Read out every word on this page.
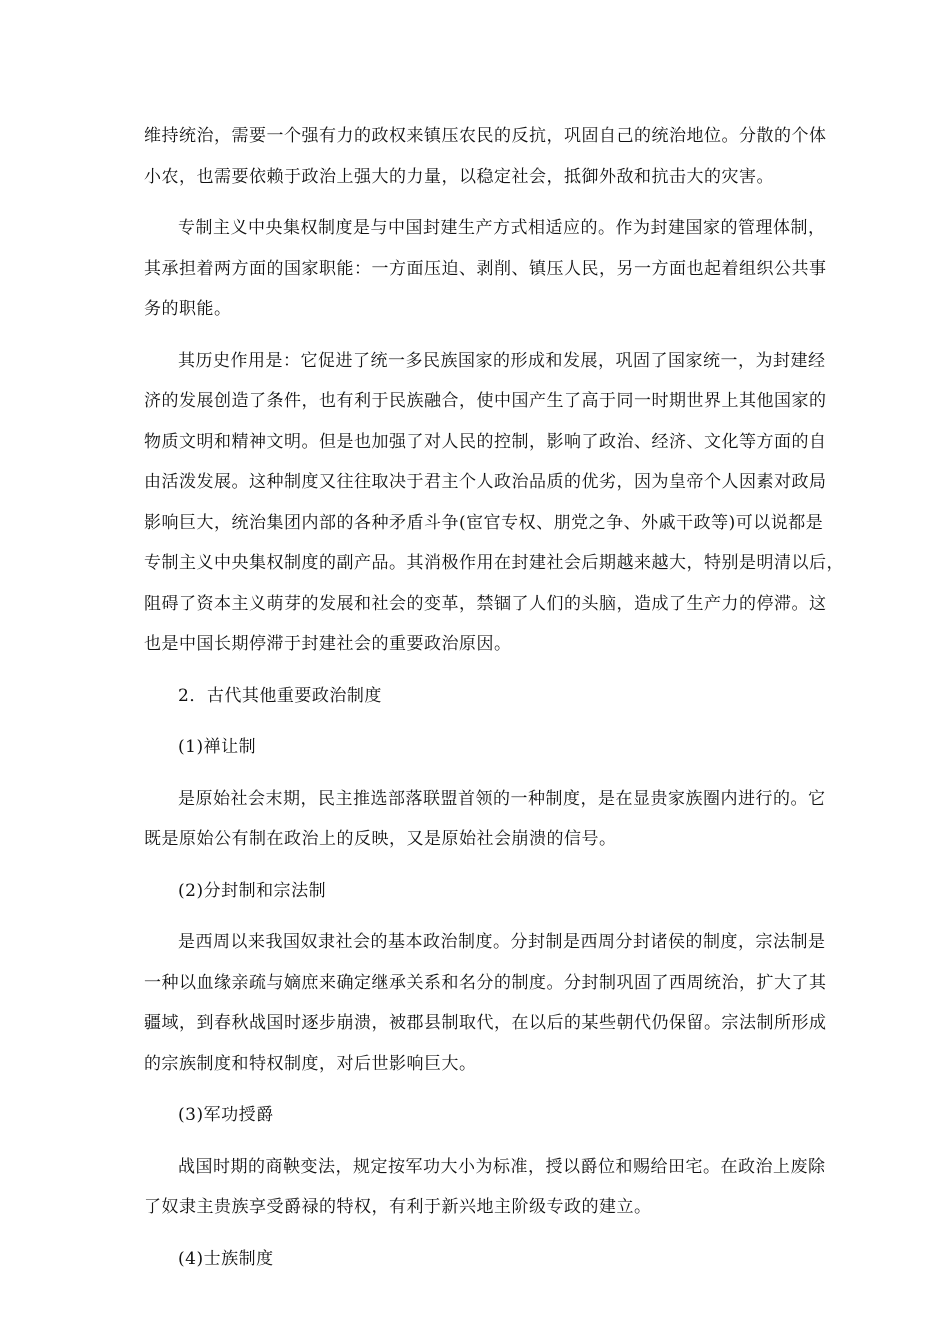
维持统治，需要一个强有力的政权来镇压农民的反抗，巩固自己的统治地位。分散的个体
小农，也需要依赖于政治上强大的力量，以稳定社会，抵御外敌和抗击大的灾害。
专制主义中央集权制度是与中国封建生产方式相适应的。作为封建国家的管理体制，
其承担着两方面的国家职能：一方面压迫、剥削、镇压人民，另一方面也起着组织公共事
务的职能。
其历史作用是：它促进了统一多民族国家的形成和发展，巩固了国家统一，为封建经
济的发展创造了条件，也有利于民族融合，使中国产生了高于同一时期世界上其他国家的
物质文明和精神文明。但是也加强了对人民的控制，影响了政治、经济、文化等方面的自
由活泼发展。这种制度又往往取决于君主个人政治品质的优劣，因为皇帝个人因素对政局
影响巨大，统治集团内部的各种矛盾斗争(宦官专权、朋党之争、外戚干政等)可以说都是
专制主义中央集权制度的副产品。其消极作用在封建社会后期越来越大，特别是明清以后，
阻碍了资本主义萌芽的发展和社会的变革，禁锢了人们的头脑，造成了生产力的停滞。这
也是中国长期停滞于封建社会的重要政治原因。
2．古代其他重要政治制度
(1)禅让制
是原始社会末期，民主推选部落联盟首领的一种制度，是在显贵家族圈内进行的。它
既是原始公有制在政治上的反映，又是原始社会崩溃的信号。
(2)分封制和宗法制
是西周以来我国奴隶社会的基本政治制度。分封制是西周分封诸侯的制度，宗法制是
一种以血缘亲疏与嫡庶来确定继承关系和名分的制度。分封制巩固了西周统治，扩大了其
疆域，到春秋战国时逐步崩溃，被郡县制取代，在以后的某些朝代仍保留。宗法制所形成
的宗族制度和特权制度，对后世影响巨大。
(3)军功授爵
战国时期的商鞅变法，规定按军功大小为标准，授以爵位和赐给田宅。在政治上废除
了奴隶主贵族享受爵禄的特权，有利于新兴地主阶级专政的建立。
(4)士族制度
